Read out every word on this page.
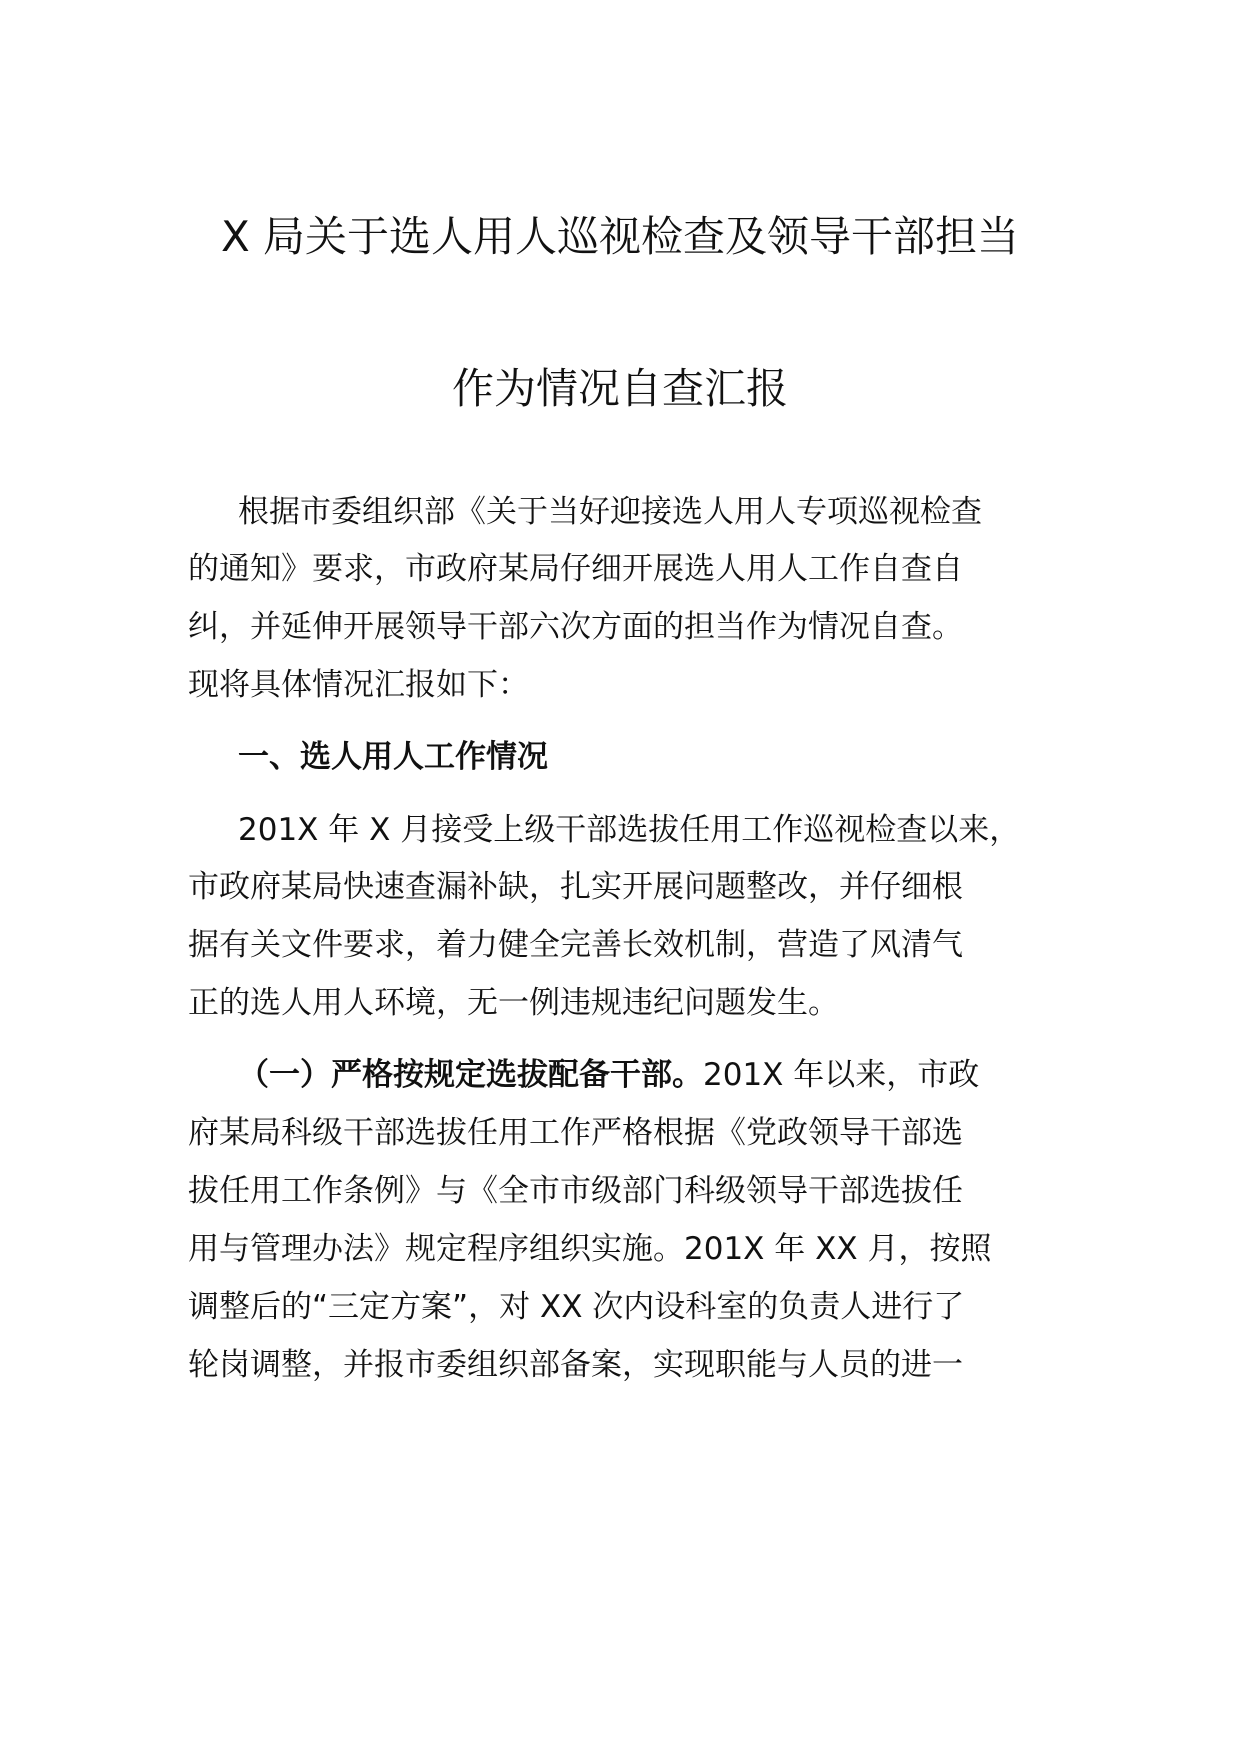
X 局关于选人用人巡视检查及领导干部担当
作为情况自查汇报
根据市委组织部《关于当好迎接选人用人专项巡视检查
的通知》要求，市政府某局仔细开展选人用人工作自查自
纠，并延伸开展领导干部六次方面的担当作为情况自查。
现将具体情况汇报如下：
一、选人用人工作情况
201X 年 X 月接受上级干部选拔任用工作巡视检查以来，
市政府某局快速查漏补缺，扎实开展问题整改，并仔细根
据有关文件要求，着力健全完善长效机制，营造了风清气
正的选人用人环境，无一例违规违纪问题发生。
（一）严格按规定选拔配备干部。201X 年以来，市政
府某局科级干部选拔任用工作严格根据《党政领导干部选
拔任用工作条例》与《全市市级部门科级领导干部选拔任
用与管理办法》规定程序组织实施。201X 年 XX 月，按照
调整后的“三定方案”，对 XX 次内设科室的负责人进行了
轮岗调整，并报市委组织部备案，实现职能与人员的进一
